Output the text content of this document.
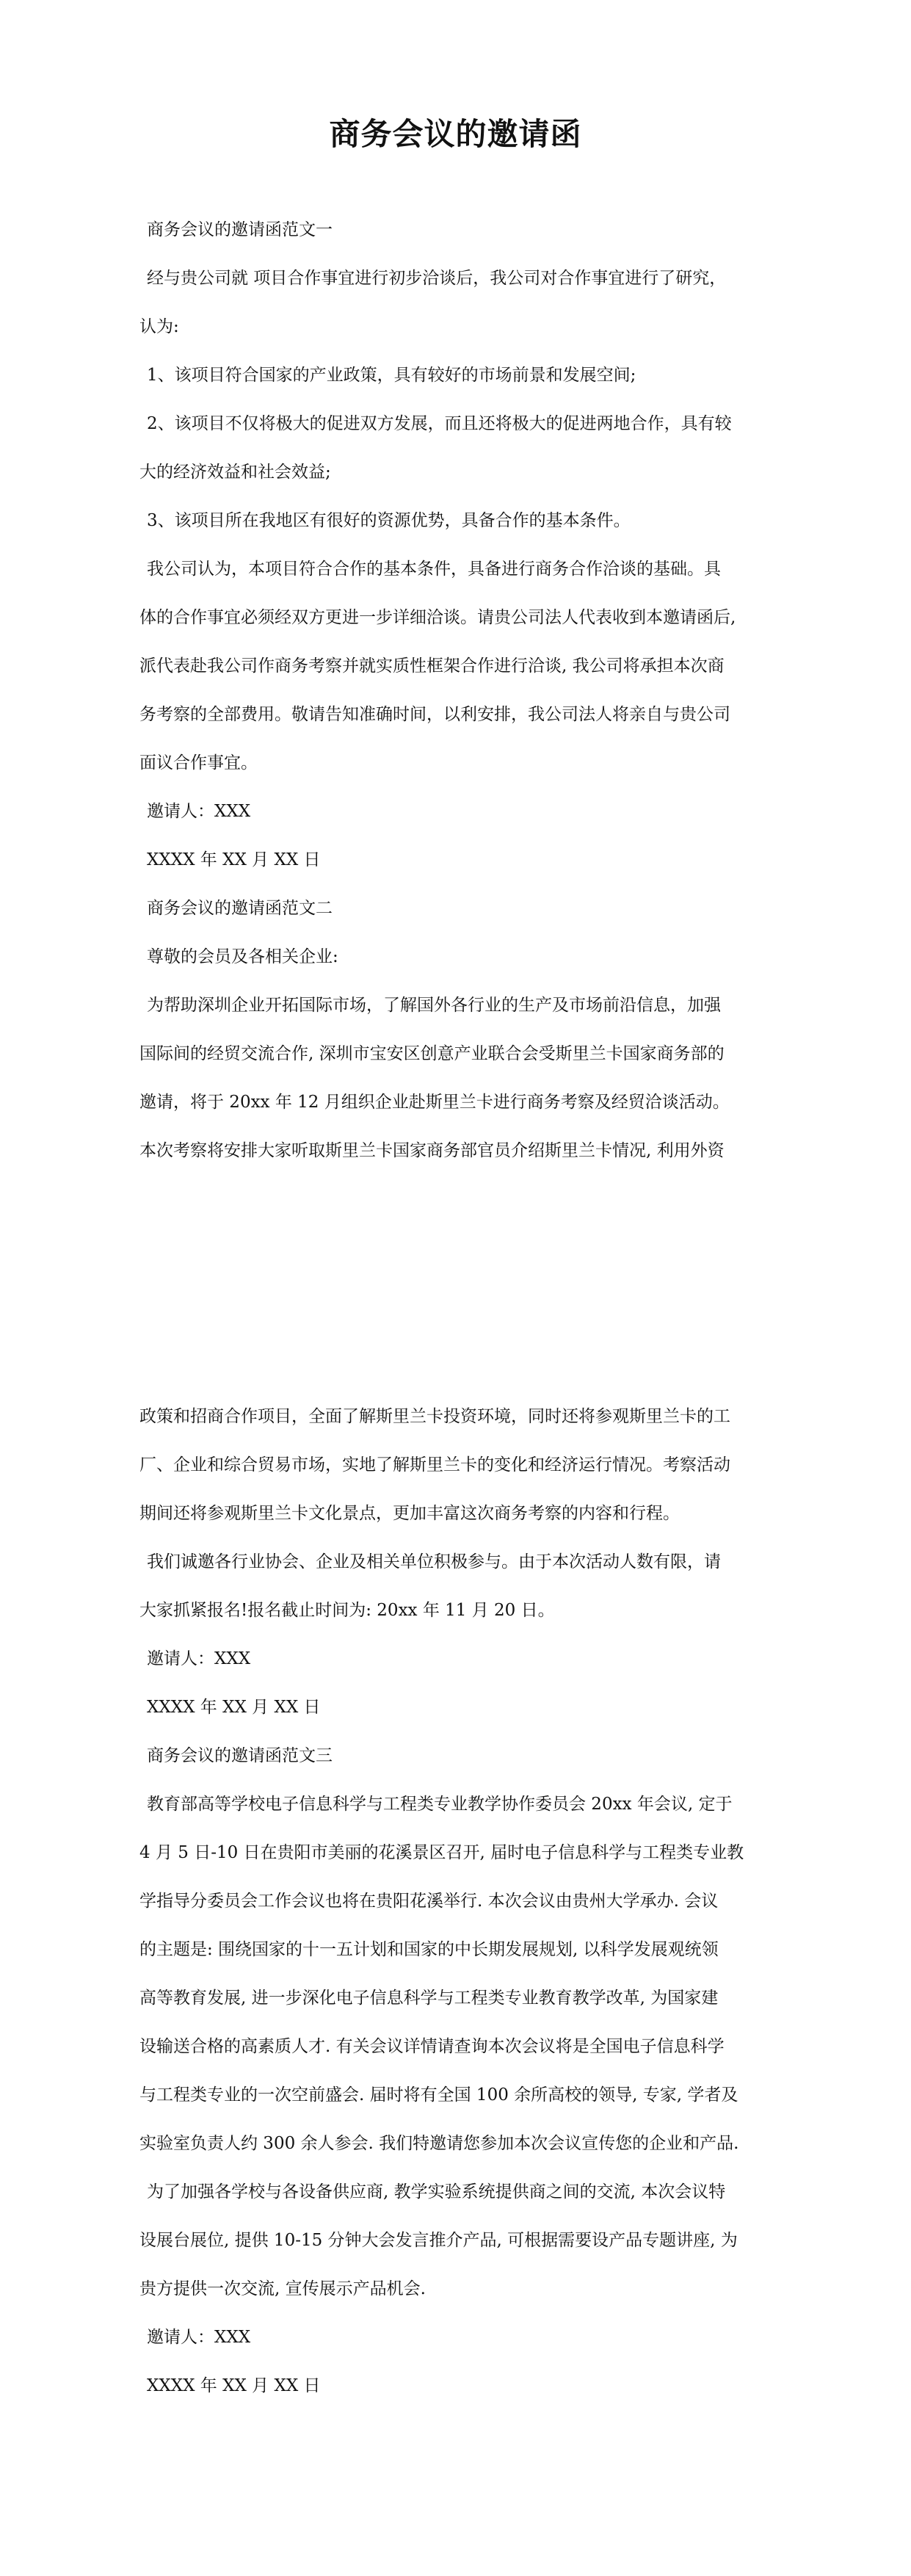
商务会议的邀请函

商务会议的邀请函范文一

经与贵公司就 项目合作事宜进行初步洽谈后，我公司对合作事宜进行了研究，

认为:

1、该项目符合国家的产业政策，具有较好的市场前景和发展空间;

2、该项目不仅将极大的促进双方发展，而且还将极大的促进两地合作，具有较

大的经济效益和社会效益;

3、该项目所在我地区有很好的资源优势，具备合作的基本条件。

我公司认为，本项目符合合作的基本条件，具备进行商务合作洽谈的基础。具

体的合作事宜必须经双方更进一步详细洽谈。请贵公司法人代表收到本邀请函后,

派代表赴我公司作商务考察并就实质性框架合作进行洽谈, 我公司将承担本次商

务考察的全部费用。敬请告知准确时间，以利安排，我公司法人将亲自与贵公司

面议合作事宜。

邀请人：XXX

XXXX 年 XX 月 XX 日

商务会议的邀请函范文二

尊敬的会员及各相关企业:

为帮助深圳企业开拓国际市场，了解国外各行业的生产及市场前沿信息，加强

国际间的经贸交流合作, 深圳市宝安区创意产业联合会受斯里兰卡国家商务部的

邀请，将于 20xx 年 12 月组织企业赴斯里兰卡进行商务考察及经贸洽谈活动。

本次考察将安排大家听取斯里兰卡国家商务部官员介绍斯里兰卡情况, 利用外资

政策和招商合作项目，全面了解斯里兰卡投资环境，同时还将参观斯里兰卡的工

厂、企业和综合贸易市场，实地了解斯里兰卡的变化和经济运行情况。考察活动

期间还将参观斯里兰卡文化景点，更加丰富这次商务考察的内容和行程。

我们诚邀各行业协会、企业及相关单位积极参与。由于本次活动人数有限，请

大家抓紧报名!报名截止时间为: 20xx 年 11 月 20 日。

邀请人：XXX

XXXX 年 XX 月 XX 日

商务会议的邀请函范文三

教育部高等学校电子信息科学与工程类专业教学协作委员会 20xx 年会议, 定于

4 月 5 日-10 日在贵阳市美丽的花溪景区召开, 届时电子信息科学与工程类专业教

学指导分委员会工作会议也将在贵阳花溪举行. 本次会议由贵州大学承办. 会议

的主题是: 围绕国家的十一五计划和国家的中长期发展规划, 以科学发展观统领

高等教育发展, 进一步深化电子信息科学与工程类专业教育教学改革, 为国家建

设输送合格的高素质人才. 有关会议详情请查询本次会议将是全国电子信息科学

与工程类专业的一次空前盛会. 届时将有全国 100 余所高校的领导, 专家, 学者及

实验室负责人约 300 余人参会. 我们特邀请您参加本次会议宣传您的企业和产品.

为了加强各学校与各设备供应商, 教学实验系统提供商之间的交流, 本次会议特

设展台展位, 提供 10-15 分钟大会发言推介产品, 可根据需要设产品专题讲座, 为

贵方提供一次交流, 宣传展示产品机会.

邀请人：XXX

XXXX 年 XX 月 XX 日
